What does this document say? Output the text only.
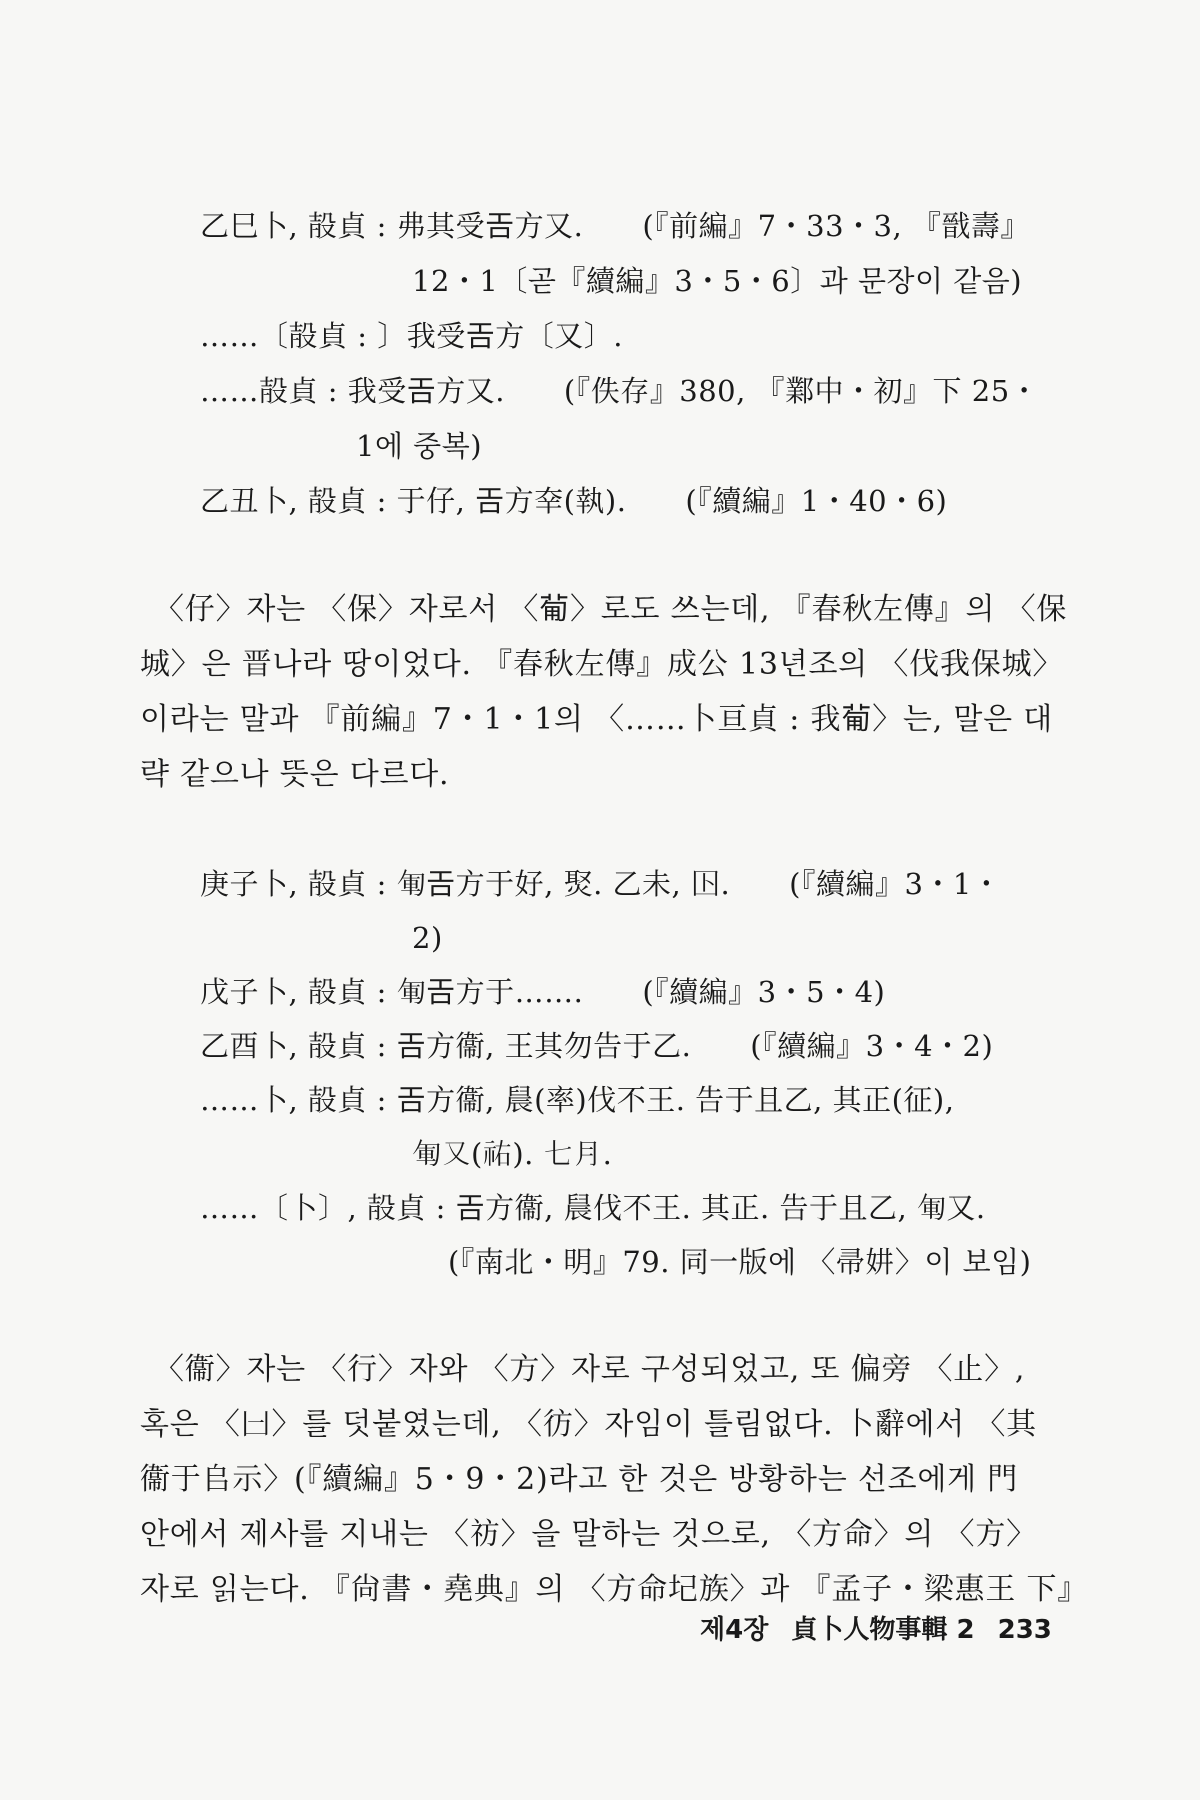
乙巳卜, 㱿貞 : 弗其受𢀛方又.　　(『前編』7・33・3, 『戩壽』
12・1〔곧『續編』3・5・6〕과 문장이 같음)
……〔㱿貞 : 〕我受𢀛方〔又〕.
……㱿貞 : 我受𢀛方又.　　(『佚存』380, 『鄴中・初』下 25・
1에 중복)
乙丑卜, 㱿貞 : 于仔, 𢀛方㚔(執).　　(『續編』1・40・6)
〈仔〉자는 〈保〉자로서 〈𤰈〉로도 쓰는데, 『春秋左傳』의 〈保
城〉은 晋나라 땅이었다. 『春秋左傳』成公 13년조의 〈伐我保城〉
이라는 말과 『前編』7・1・1의 〈……卜亘貞 : 我𤰈〉는, 말은 대
략 같으나 뜻은 다르다.
庚子卜, 㱿貞 : 𠣞𢀛方于好, 㷅. 乙未, 𡆥.　　(『續編』3・1・
2)
戊子卜, 㱿貞 : 𠣞𢀛方于…….　　(『續編』3・5・4)
乙酉卜, 㱿貞 : 𢀛方衞, 王其勿告于乙.　　(『續編』3・4・2)
……卜, 㱿貞 : 𢀛方衞, 䢅(率)伐不王. 告于且乙, 其正(征),
𠣞又(祐). 七月.
……〔卜〕, 㱿貞 : 𢀛方衞, 䢅伐不王. 其正. 告于且乙, 𠣞又.
(『南北・明』79. 同一版에 〈帚妌〉이 보임)
〈衞〉자는 〈行〉자와 〈方〉자로 구성되었고, 또 偏旁 〈止〉,
혹은 〈𠙵〉를 덧붙였는데, 〈彷〉자임이 틀림없다. 卜辭에서 〈其
衞于𠂤示〉(『續編』5・9・2)라고 한 것은 방황하는 선조에게 門
안에서 제사를 지내는 〈祊〉을 말하는 것으로, 〈方命〉의 〈方〉
자로 읽는다. 『尙書・堯典』의 〈方命圮族〉과 『孟子・梁惠王 下』
제4장 貞卜人物事輯 2 233
